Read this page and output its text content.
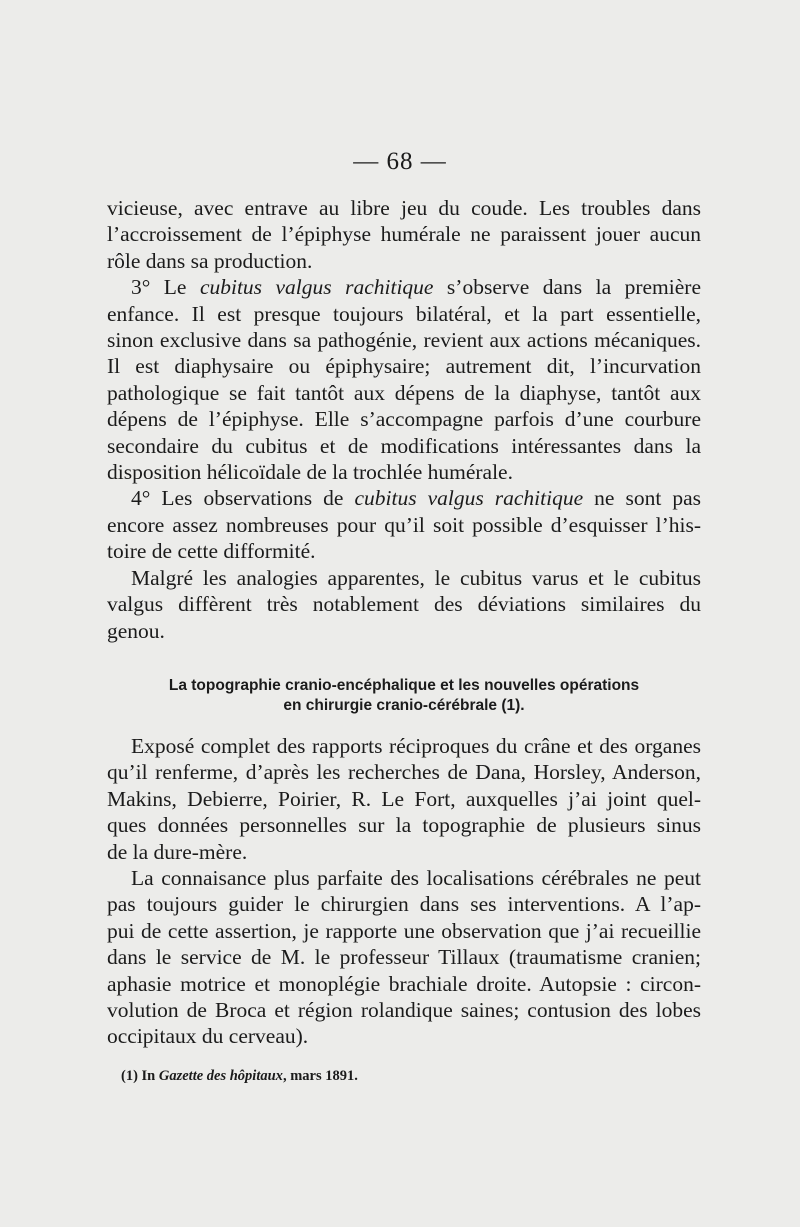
— 68 —
vicieuse, avec entrave au libre jeu du coude. Les troubles dans
l’accroissement de l’épiphyse humérale ne paraissent jouer aucun
rôle dans sa production.
3° Le cubitus valgus rachitique s’observe dans la première
enfance. Il est presque toujours bilatéral, et la part essentielle,
sinon exclusive dans sa pathogénie, revient aux actions mécaniques.
Il est diaphysaire ou épiphysaire; autrement dit, l’incurvation
pathologique se fait tantôt aux dépens de la diaphyse, tantôt aux
dépens de l’épiphyse. Elle s’accompagne parfois d’une courbure
secondaire du cubitus et de modifications intéressantes dans la
disposition hélicoïdale de la trochlée humérale.
4° Les observations de cubitus valgus rachitique ne sont pas
encore assez nombreuses pour qu’il soit possible d’esquisser l’his-
toire de cette difformité.
Malgré les analogies apparentes, le cubitus varus et le cubitus
valgus diffèrent très notablement des déviations similaires du
genou.
La topographie cranio-encéphalique et les nouvelles opérations
en chirurgie cranio-cérébrale (1).
Exposé complet des rapports réciproques du crâne et des organes
qu’il renferme, d’après les recherches de Dana, Horsley, Anderson,
Makins, Debierre, Poirier, R. Le Fort, auxquelles j’ai joint quel-
ques données personnelles sur la topographie de plusieurs sinus
de la dure-mère.
La connaisance plus parfaite des localisations cérébrales ne peut
pas toujours guider le chirurgien dans ses interventions. A l’ap-
pui de cette assertion, je rapporte une observation que j’ai recueillie
dans le service de M. le professeur Tillaux (traumatisme cranien;
aphasie motrice et monoplégie brachiale droite. Autopsie : circon-
volution de Broca et région rolandique saines; contusion des lobes
occipitaux du cerveau).
(1) In Gazette des hôpitaux, mars 1891.
